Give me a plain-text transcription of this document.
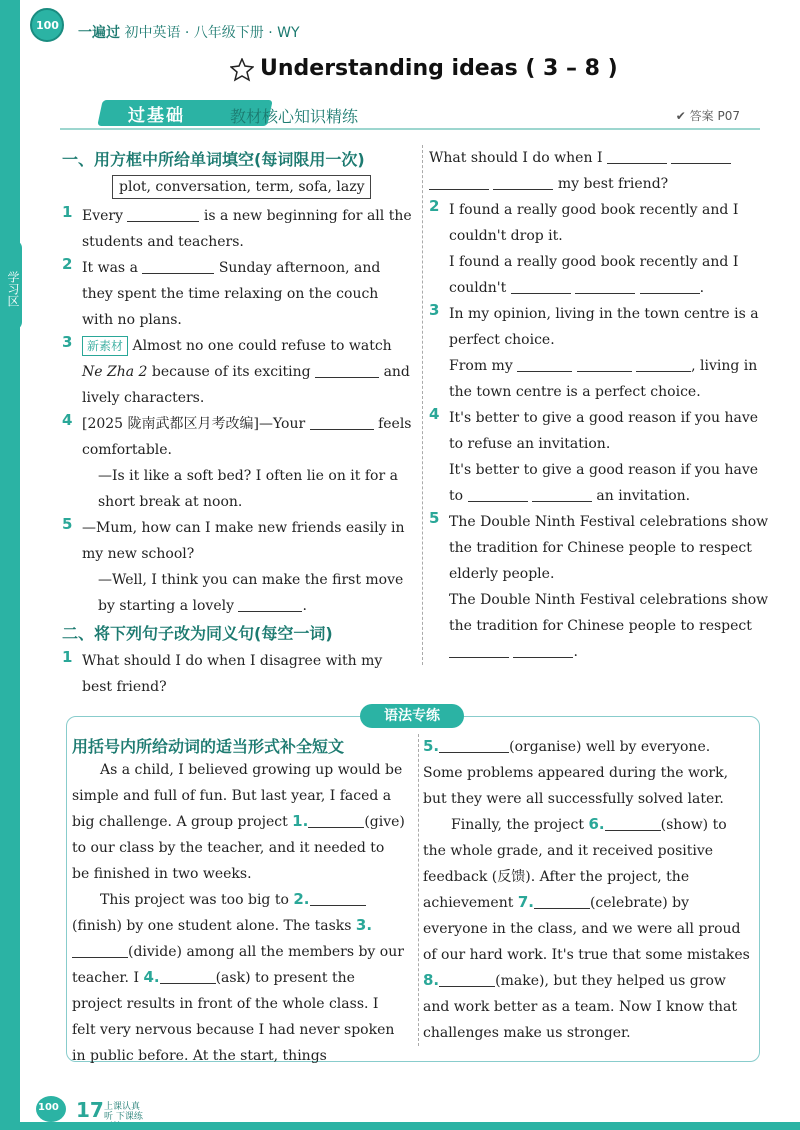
100 一遍过 初中英语 · 八年级下册 · WY
学习区
Understanding ideas ( 3 – 8 )
过基础	教材核心知识精练	✔ 答案 P07
一、用方框中所给单词填空(每词限用一次)
plot, conversation, term, sofa, lazy
1 Every	is a new beginning for all the students and teachers.
2 It was a	Sunday afternoon, and they spent the time relaxing on the couch with no plans.
3 新素材 Almost no one could refuse to watch Ne Zha 2 because of its exciting	and lively characters.
4 [2025 陇南武都区月考改编]—Your	feels comfortable.
—Is it like a soft bed? I often lie on it for a short break at noon.
5 —Mum, how can I make new friends easily in my new school?
—Well, I think you can make the first move by starting a lovely	.
二、将下列句子改为同义句(每空一词)
1 What should I do when I disagree with my best friend?
What should I do when I     my best friend?
2 I found a really good book recently and I couldn't drop it.
I found a really good book recently and I couldn't	.
3 In my opinion, living in the town centre is a perfect choice.
From my	, living in the town centre is a perfect choice.
4 It's better to give a good reason if you have to refuse an invitation.
It's better to give a good reason if you have to	an invitation.
5 The Double Ninth Festival celebrations show the tradition for Chinese people to respect elderly people.
The Double Ninth Festival celebrations show the tradition for Chinese people to respect  .
语法专练
用括号内所给动词的适当形式补全短文

As a child, I believed growing up would be simple and full of fun. But last year, I faced a big challenge. A group project 1.	(give) to our class by the teacher, and it needed to be finished in two weeks.

This project was too big to 2.(finish) by one student alone. The tasks 3.(divide) among all the members by our teacher. I 4.	(ask) to present the project results in front of the whole class. I felt very nervous because I had never spoken in public before. At the start, things

5.	(organise) well by everyone. Some problems appeared during the work, but they were all successfully solved later.

Finally, the project 6.	(show) to the whole grade, and it received positive feedback (反馈). After the project, the achievement 7.	(celebrate) by everyone in the class, and we were all proud of our hard work. It's true that some mistakes 8.	(make), but they helped us grow and work better as a team. Now I know that challenges make us stronger.

100 17 上课认真听 下课练
